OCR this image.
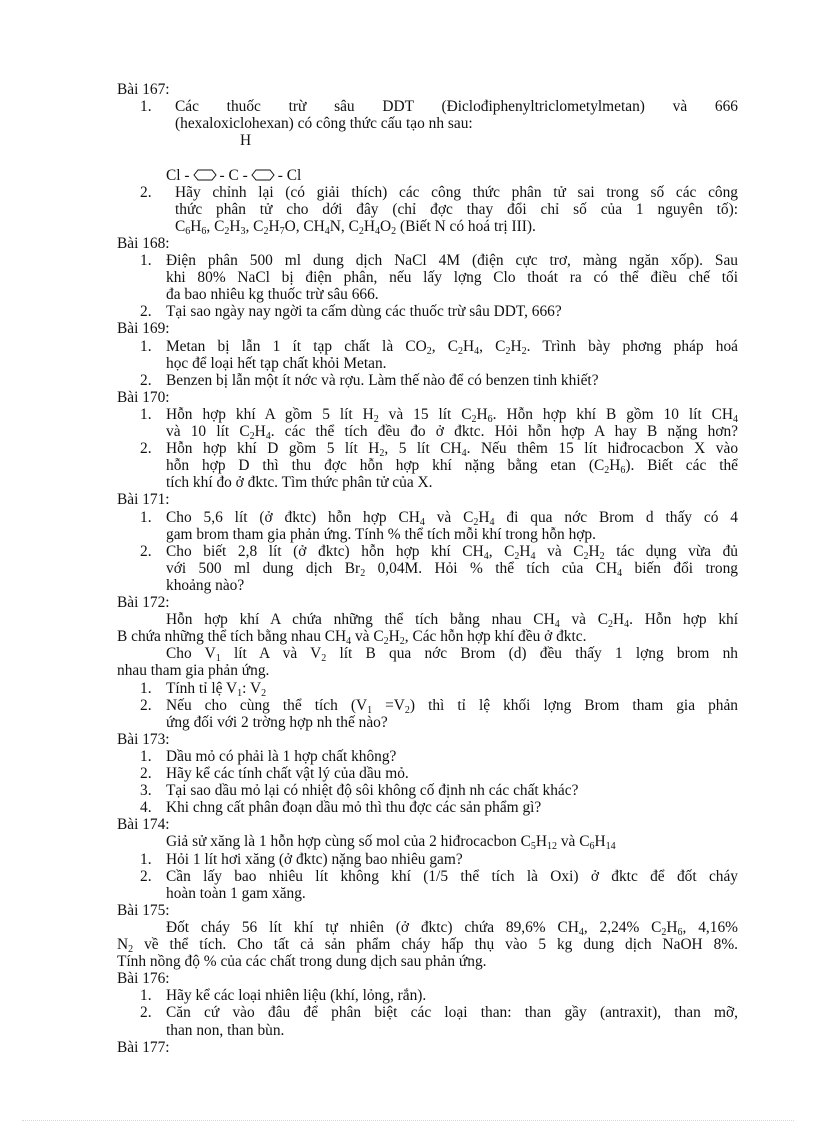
Bài 167:
1. Các thuốc trừ sâu DDT (Điclođiphenyltriclometylmetan) và 666
(hexaloxiclohexan) có công thức cấu tạo nh sau:
H
Cl - - C - - Cl
2. Hãy chỉnh lại (có giải thích) các công thức phân tử sai trong số các công
thức phân tử cho dới đây (chỉ đợc thay đổi chỉ số của 1 nguyên tố):
$C_6H_6$, $C_2H_3$, $C_2H_7O$, $CH_4N$, $C_2H_4O_2$ (Biết N có hoá trị III).
Bài 168:
1. Điện phân 500 ml dung dịch NaCl 4M (điện cực trơ, màng ngăn xốp). Sau
khi 80% NaCl bị điện phân, nếu lấy lợng Clo thoát ra có thể điều chế tối
đa bao nhiêu kg thuốc trừ sâu 666.
2. Tại sao ngày nay ngời ta cấm dùng các thuốc trừ sâu DDT, 666?
Bài 169:
1. Metan bị lẫn 1 ít tạp chất là $CO_2$, $C_2H_4$, $C_2H_2$. Trình bày phơng pháp hoá
học để loại hết tạp chất khỏi Metan.
2. Benzen bị lẫn một ít nớc và rợu. Làm thế nào để có benzen tinh khiết?
Bài 170:
1. Hỗn hợp khí A gồm 5 lít $H_2$ và 15 lít $C_2H_6$. Hỗn hợp khí B gồm 10 lít $CH_4$
và 10 lít $C_2H_4$. các thể tích đều đo ở đktc. Hỏi hỗn hợp A hay B nặng hơn?
2. Hỗn hợp khí D gồm 5 lít $H_2$, 5 lít $CH_4$. Nếu thêm 15 lít hiđrocacbon X vào
hỗn hợp D thì thu đợc hỗn hợp khí nặng bằng etan $(C_2H_6)$. Biết các thể
tích khí đo ở đktc. Tìm thức phân tử của X.
Bài 171:
1. Cho 5,6 lít (ở đktc) hỗn hợp $CH_4$ và $C_2H_4$ đi qua nớc Brom d thấy có 4
gam brom tham gia phản ứng. Tính % thể tích mỗi khí trong hỗn hợp.
2. Cho biết 2,8 lít (ở đktc) hỗn hợp khí $CH_4$, $C_2H_4$ và $C_2H_2$ tác dụng vừa đủ
với 500 ml dung dịch $Br_2$ 0,04M. Hỏi % thể tích của $CH_4$ biến đổi trong
khoảng nào?
Bài 172:
Hỗn hợp khí A chứa những thể tích bằng nhau $CH_4$ và $C_2H_4$. Hỗn hợp khí
B chứa những thể tích bằng nhau $CH_4$ và $C_2H_2$, Các hỗn hợp khí đều ở đktc.
Cho $V_1$ lít A và $V_2$ lít B qua nớc Brom (d) đều thấy 1 lợng brom nh
nhau tham gia phản ứng.
1. Tính tỉ lệ $V_1$: $V_2$
2. Nếu cho cùng thể tích $(V_1 =V_2)$ thì tỉ lệ khối lợng Brom tham gia phản
ứng đối với 2 trờng hợp nh thế nào?
Bài 173:
1. Dầu mỏ có phải là 1 hợp chất không?
2. Hãy kể các tính chất vật lý của dầu mỏ.
3. Tại sao dầu mỏ lại có nhiệt độ sôi không cố định nh các chất khác?
4. Khi chng cất phân đoạn dầu mỏ thì thu đợc các sản phẩm gì?
Bài 174:
Giả sử xăng là 1 hỗn hợp cùng số mol của 2 hiđrocacbon $C_5H_{12}$ và $C_6H_{14}$
1. Hỏi 1 lít hơi xăng (ở đktc) nặng bao nhiêu gam?
2. Cần lấy bao nhiêu lít không khí (1/5 thể tích là Oxi) ở đktc để đốt cháy
hoàn toàn 1 gam xăng.
Bài 175:
Đốt cháy 56 lít khí tự nhiên (ở đktc) chứa 89,6% $CH_4$, 2,24% $C_2H_6$, 4,16%
$N_2$ về thể tích. Cho tất cả sản phẩm cháy hấp thụ vào 5 kg dung dịch NaOH 8%.
Tính nồng độ % của các chất trong dung dịch sau phản ứng.
Bài 176:
1. Hãy kể các loại nhiên liệu (khí, lỏng, rắn).
2. Căn cứ vào đâu để phân biệt các loại than: than gầy (antraxit), than mỡ,
than non, than bùn.
Bài 177:
